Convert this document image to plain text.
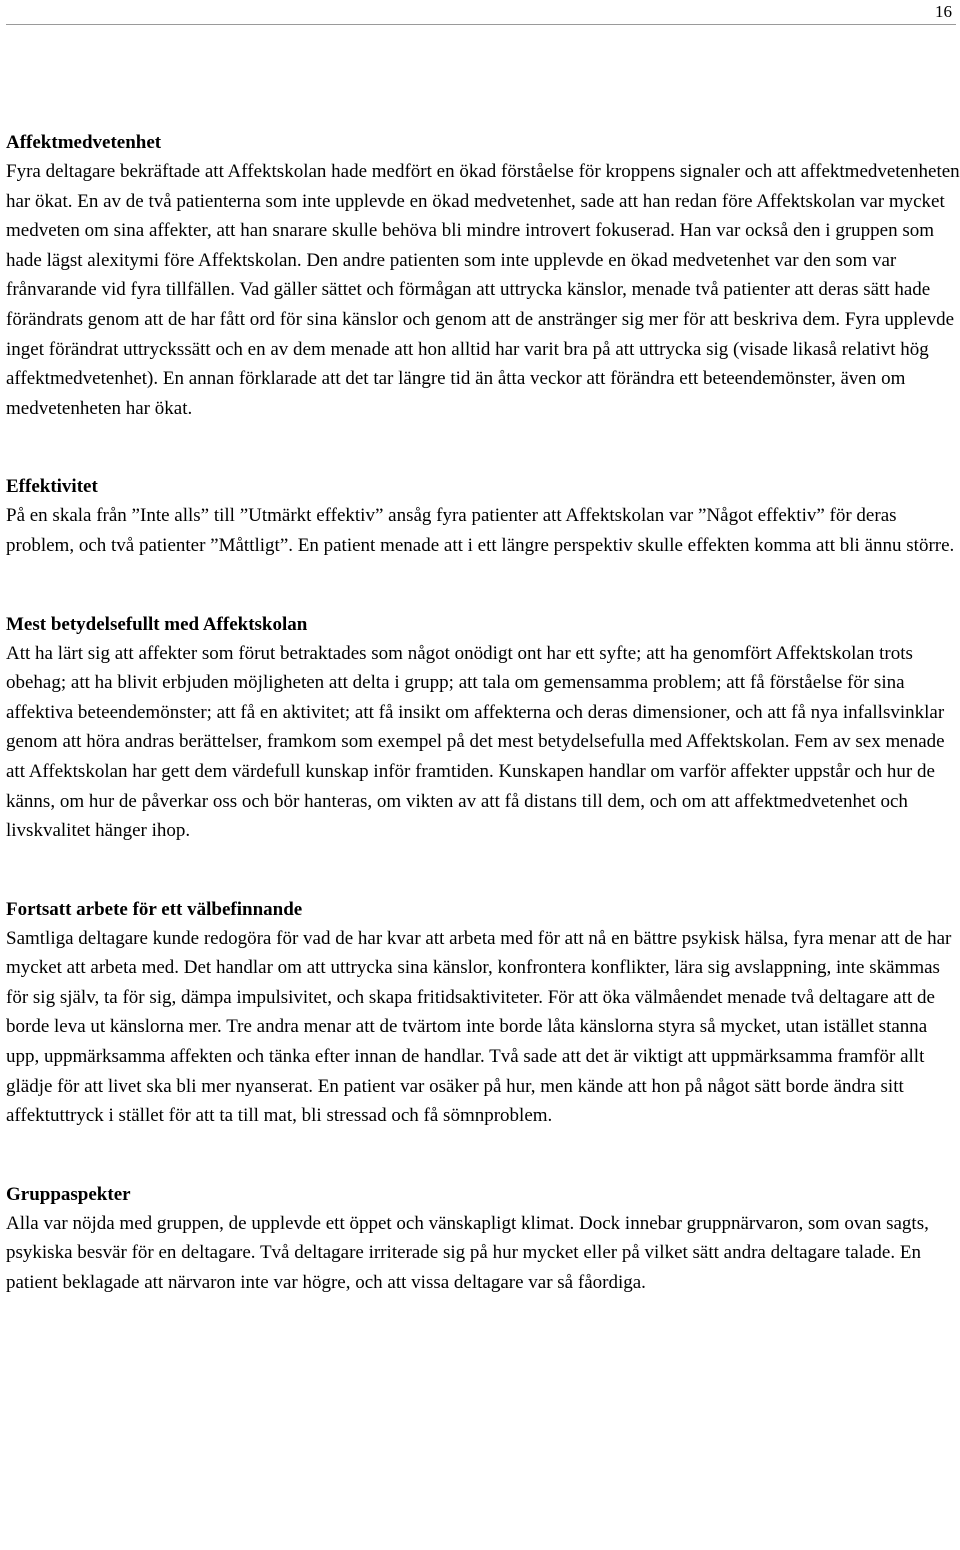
16
Affektmedvetenhet

Fyra deltagare bekräftade att Affektskolan hade medfört en ökad förståelse för kroppens signaler och att affektmedvetenheten har ökat. En av de två patienterna som inte upplevde en ökad medvetenhet, sade att han redan före Affektskolan var mycket medveten om sina affekter, att han snarare skulle behöva bli mindre introvert fokuserad. Han var också den i gruppen som hade lägst alexitymi före Affektskolan. Den andre patienten som inte upplevde en ökad medvetenhet var den som var frånvarande vid fyra tillfällen. Vad gäller sättet och förmågan att uttrycka känslor, menade två patienter att deras sätt hade förändrats genom att de har fått ord för sina känslor och genom att de anstränger sig mer för att beskriva dem. Fyra upplevde inget förändrat uttryckssätt och en av dem menade att hon alltid har varit bra på att uttrycka sig (visade likaså relativt hög affektmedvetenhet). En annan förklarade att det tar längre tid än åtta veckor att förändra ett beteendemönster, även om medvetenheten har ökat.

Effektivitet

På en skala från ”Inte alls” till ”Utmärkt effektiv” ansåg fyra patienter att Affektskolan var ”Något effektiv” för deras problem, och två patienter ”Måttligt”. En patient menade att i ett längre perspektiv skulle effekten komma att bli ännu större.

Mest betydelsefullt med Affektskolan

Att ha lärt sig att affekter som förut betraktades som något onödigt ont har ett syfte; att ha genomfört Affektskolan trots obehag; att ha blivit erbjuden möjligheten att delta i grupp; att tala om gemensamma problem; att få förståelse för sina affektiva beteendemönster; att få en aktivitet; att få insikt om affekterna och deras dimensioner, och att få nya infallsvinklar genom att höra andras berättelser, framkom som exempel på det mest betydelsefulla med Affektskolan. Fem av sex menade att Affektskolan har gett dem värdefull kunskap inför framtiden. Kunskapen handlar om varför affekter uppstår och hur de känns, om hur de påverkar oss och bör hanteras, om vikten av att få distans till dem, och om att affektmedvetenhet och livskvalitet hänger ihop.

Fortsatt arbete för ett välbefinnande

Samtliga deltagare kunde redogöra för vad de har kvar att arbeta med för att nå en bättre psykisk hälsa, fyra menar att de har mycket att arbeta med. Det handlar om att uttrycka sina känslor, konfrontera konflikter, lära sig avslappning, inte skämmas för sig själv, ta för sig, dämpa impulsivitet, och skapa fritidsaktiviteter. För att öka välmåendet menade två deltagare att de borde leva ut känslorna mer. Tre andra menar att de tvärtom inte borde låta känslorna styra så mycket, utan istället stanna upp, uppmärksamma affekten och tänka efter innan de handlar. Två sade att det är viktigt att uppmärksamma framför allt glädje för att livet ska bli mer nyanserat. En patient var osäker på hur, men kände att hon på något sätt borde ändra sitt affektuttryck i stället för att ta till mat, bli stressad och få sömnproblem.

Gruppaspekter

Alla var nöjda med gruppen, de upplevde ett öppet och vänskapligt klimat. Dock innebar gruppnärvaron, som ovan sagts, psykiska besvär för en deltagare. Två deltagare irriterade sig på hur mycket eller på vilket sätt andra deltagare talade. En patient beklagade att närvaron inte var högre, och att vissa deltagare var så fåordiga.
